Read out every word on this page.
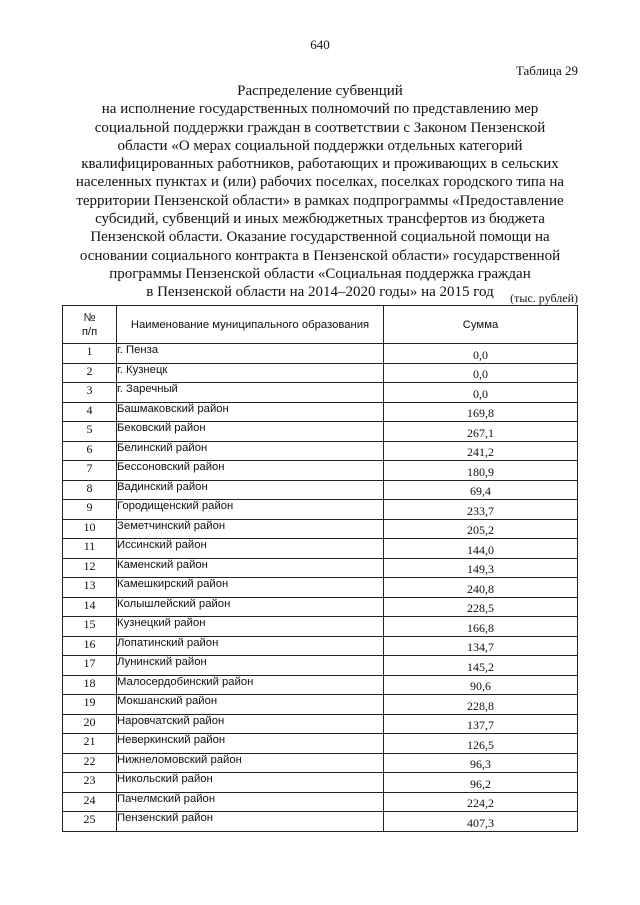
640
Таблица 29
Распределение субвенций
на исполнение государственных полномочий по представлению мер
социальной поддержки граждан в соответствии с Законом Пензенской
области «О мерах социальной поддержки отдельных категорий
квалифицированных работников, работающих и проживающих в сельских
населенных пунктах и (или) рабочих поселках, поселках городского типа на
территории Пензенской области» в рамках подпрограммы «Предоставление
субсидий, субвенций и иных межбюджетных трансфертов из бюджета
Пензенской области. Оказание государственной социальной помощи на
основании социального контракта в Пензенской области» государственной
программы Пензенской области «Социальная поддержка граждан
в Пензенской области на 2014–2020 годы» на 2015 год	(тыс. рублей)
№
п/п	Наименование муниципального образования	Сумма
1	г. Пенза	0,0
2	г. Кузнецк	0,0
3	г. Заречный	0,0
4	Башмаковский район	169,8
5	Бековский район	267,1
6	Белинский район	241,2
7	Бессоновский район	180,9
8	Вадинский район	69,4
9	Городищенский район	233,7
10	Земетчинский район	205,2
11	Иссинский район	144,0
12	Каменский район	149,3
13	Камешкирский район	240,8
14	Колышлейский район	228,5
15	Кузнецкий район	166,8
16	Лопатинский район	134,7
17	Лунинский район	145,2
18	Малосердобинский район	90,6
19	Мокшанский район	228,8
20	Наровчатский район	137,7
21	Неверкинский район	126,5
22	Нижнеломовский район	96,3
23	Никольский район	96,2
24	Пачелмский район	224,2
25	Пензенский район	407,3
